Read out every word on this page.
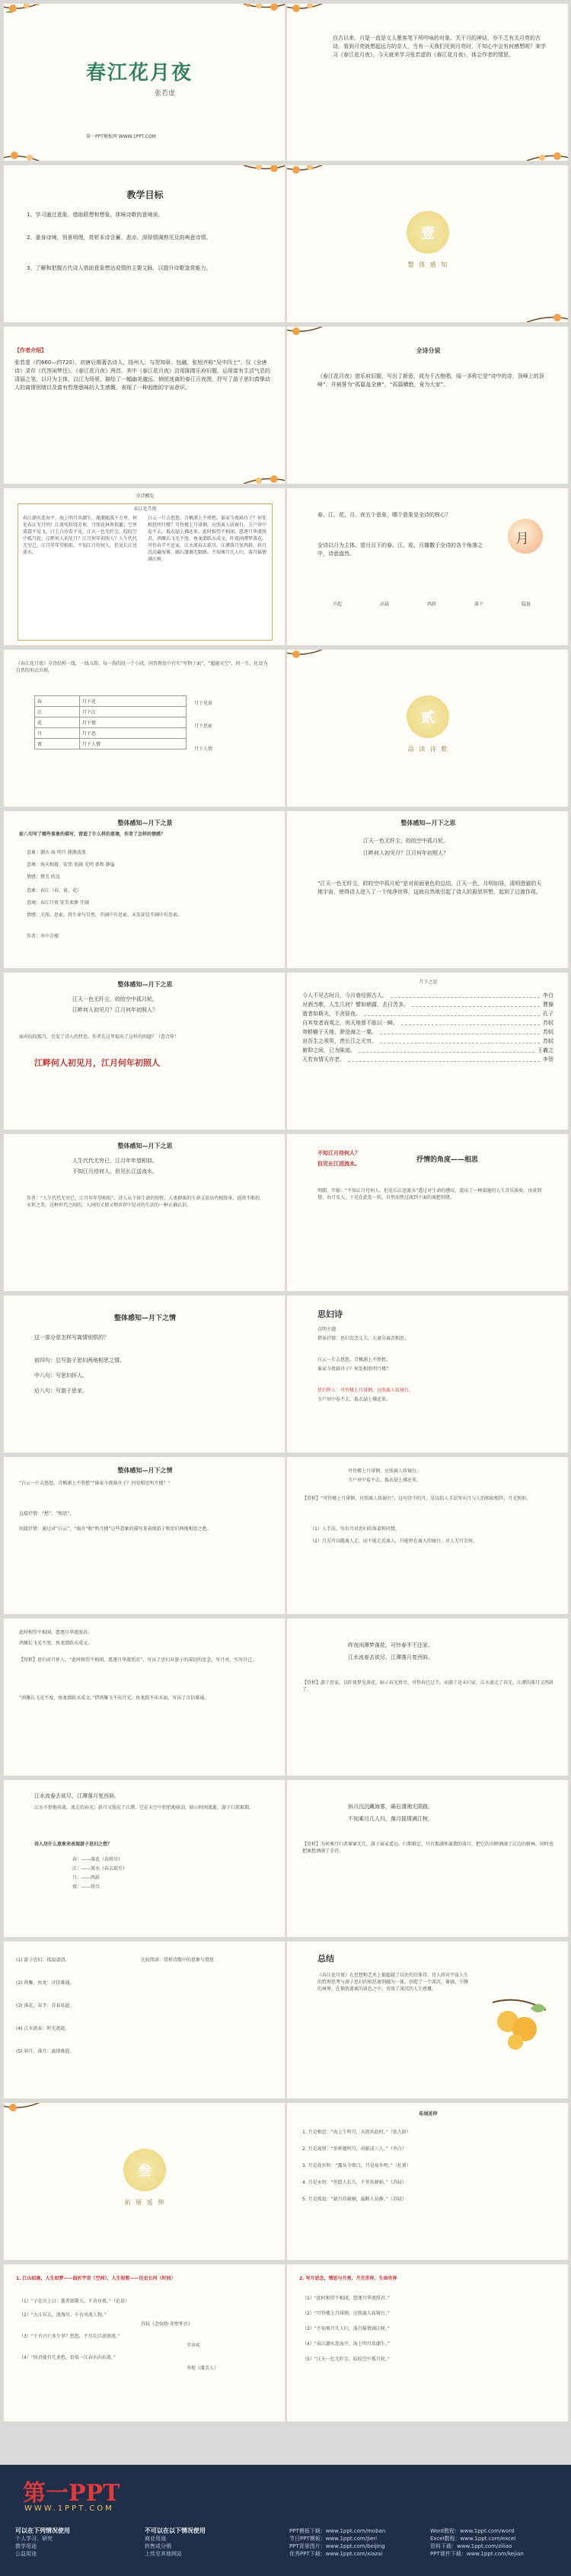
春江花月夜
张若虚
第一PPT模板网 WWW.1PPT.COM
自古以来，月是一直是文人墨客笔下所吟咏的对象。关于月的神话，亦不乏有关月亮的古诗。看到月亮就想起远方的亲人，当有一天我们见到月亮时，不知心中会有何感想呢？来学习《春江花月夜》，今天就来学习张若虚的《春江花月夜》，体会作者的情思。
教学目标
1、学习通过意象、借助联想和想象，体味诗歌的意境美。
2、重身诗境，领景明理，赏析本诗含蓄、悲凉、深厚情调熟见及的典意诗情。
3、了解和把握古代诗人借助意象想达说情的主要文脉，以提升诗歌鉴赏能力。
壹
整 体 感 知
【作者介绍】
张若虚（约660—约720），初唐后期著名诗人，扬州人，与贺知章、包融、张旭齐称“吴中四士”。仅《全唐诗》录存《代答闺梦还》、《春江花月夜》两首。其中《春江花月夜》沿用陈隋乐府旧题，运用富有生活气息的清丽之笔，以月为主体，以江为场景，描绘了一幅幽美邈远、惝恍迷离的春江月夜图，抒写了游子思妇真挚动人的离情别绪以及富有哲理意味的人生感慨，表现了一种迥绝的宇宙意识。
全诗分说
《春江花月夜》借乐府旧题，写出了新意，成为千古绝唱，闻一多称它是“诗中的诗，顶峰上的顶峰”，并被誉为“孤篇盖全唐”，“孤篇横绝，竟为大家”。
全诗概览
春江花月夜
春江潮水连海平，海上明月共潮生。滟滟随波千万里，何处春江无月明！江流宛转绕芳甸，月照花林皆似霰；空里流霜不觉飞，汀上白沙看不见。江天一色无纤尘，皎皎空中孤月轮。江畔何人初见月？江月何年初照人？人生代代无穷已，江月年年望相似。不知江月待何人，但见长江送流水。
白云一片去悠悠，青枫浦上不胜愁。谁家今夜扁舟子？何处相思明月楼？可怜楼上月徘徊，应照离人妆镜台。玉户帘中卷不去，捣衣砧上拂还来。此时相望不相闻，愿逐月华流照君。鸿雁长飞光不度，鱼龙潜跃水成文。昨夜闲潭梦落花，可怜春半不还家。江水流春去欲尽，江潭落月复西斜。斜月沉沉藏海雾，碣石潇湘无限路。不知乘月几人归，落月摇情满江树。
春、江、花、月、夜五个意象，哪个意象是全诗的核心？
全诗以月为主体。望月月下的春、江、花、月播撒于全诗的各个角落之中，诗意盎然。
月
升起	高悬	西斜	落下	隐退
《春江花月夜》全诗结构一线，一线五韵、每一韵的段一个小段。问答理发中有实“写物十面”，“超越天空”，问一生、化设为自然的形式出现。
春	月下花
江	月下江
花	月下情
月	月下思
夜	月下人情
月下见景
月下思索
月下人情
贰
品 读 诗 歌
整体感知—月下之景
前八句写了哪些景象的描写，营造了什么样的意境，作者了怎样的情感？
意象：潮水 海 明月 滟滟波浪
意境：海天相接、宏伟 宽阔 光明 柔和 静谧
情感：赞美 欣喜
意象：春江（春、夜、花）
意境：春江月夜 宏美柔静 开阔
情感：关照、思索，将生命与自然，开阔中有思索，未发却是开阔中有思索。
作者：李中青楼
整体感知—月下之思
江天一色无纤尘，皎皎空中孤月轮。
江畔何人初见月？江月何年初照人？
“江天一色无纤尘，皎皎空中孤月轮”是对前面景色的总结，江天一色，月明如昼，清明澄澈的天地宇宙，使得诗人进入了一个纯净世界，这就自然地引起了诗人的遐思冥想，起到了过渡作用。
整体感知—月下之思
江天一色无纤尘，皎皎空中孤月轮。
江畔何人初见月？江月何年初照人？
面对皎皎孤月，引发了诗人的哲思。作者在这里提出了这样的问题？（意合传）
江畔何人初见月，江月何年初照人
月下之思
今人不见古时月，今月曾经照古人。	李白
对酒当歌，人生几何？譬如朝露，去日苦多。	曹操
逝者如斯夫，不舍昼夜。	孔子
自其变者而观之，则天地曾不能以一瞬。	苏轼
寄蜉蝣于天地，渺沧海之一粟。	苏轼
哀吾生之须臾，羡长江之无穷。	苏轼
俯仰之间，已为陈迹。	王羲之
天若有情天亦老。	李贺
整体感知—月下之思
人生代代无穷已，江月年年望相似。
不知江月待何人，但见长江送流水。
作者：“人生代代无穷已，江月年年望相似”。诗人从个体生命的短暂，人类群体的生命又显出代相传承、延续不断的永恒之美，这种世代之间的、人间的又情又理共存中是对的生活的一种正确认识。
不知江月待何人？
但见长江送流水。	抒情的角度——相思
明朗、开豁：“不知江月待何人，但见长江送流水”透过对生命的感叹，道出了一种深邃的人生苦乐体验，由景到情，由月及人，于是在此处一转，自然而然过渡到下面的离愁别绪。
整体感知—月下之情
这一部分是怎样写离情别恨的？
前四句：总写游子思妇两地相思之情。
中八句：写思妇怀人。
后八句：写游子思家。
思妇诗
点明主题
借景抒情：思妇苦念丈夫，夫妻分离苦相思。
白云一片去悠悠，青枫浦上不胜愁。
谁家今夜扁舟子？何处相思明月楼？
思妇怀人：可怜楼上月徘徊，应照离人妆镜台。
玉户帘中卷不去，捣衣砧上拂还来。
整体感知—月下之情
“白云一片去悠悠，青枫浦上不胜愁”“谁家今夜扁舟子？何处相思明月楼？”
直接抒情：“愁”、“相思”。
间接抒情：通过对“白云”、“扁舟”和“明月楼”这些意象的描写来表现游子和思妇两地相思之愁。
可怜楼上月徘徊，应照离人妆镜台。
玉户帘中卷不去，捣衣砧上拂还来。
【赏析】“可怜楼上月徘徊，应照离人妆镜台”，这句诗中的月，是以拟人手法写出月与人的相依相伴，月光照射。
（1）人手法，写出月对思妇的体谅和同情。
（2）月光可以随离人走，而不能走近离人，只能停在离人的镜台，对人无可奈何。
此时相望不相闻，愿逐月华流照君。
鸿雁长飞光不度，鱼龙潜跃水成文。
【赏析】思妇对月怀人，“此时相望不相闻，愿逐月华流照君”，写出了思妇对游子的深切的思念。写月亮，实写自己。
“鸿雁长飞光不度，鱼龙潜跃水成文。”借鸿雁飞不出月光，鱼龙跃不出水面，写出了音信难通。
昨夜闲潭梦落花，可怜春半不还家。
江水流春去欲尽，江潭落月复西斜。
【赏析】游子思家。以昨夜梦见落花，暗示春光将尽，可怜春已过半，而游子还未归家，江水流走了春光，江潭的落月又西斜了。
江水流春去欲尽，江潭落月复西斜。
江水不停地奔流，流走的春光；斜月又照在了江潭，它在天空中悄悄地移动，暗示时间流逝，游子归来难期。
诗人用什么意象来表现游子思妇之愁？
春：——落花（春将尽）
江：——流水（春去欲尽）
月：——西斜
夜：——将尽
斜月沉沉藏海雾，碣石潇湘无限路。
不知乘月几人归，落月摇情满江树。
【赏析】为何乘月归者寥寥无几，游子离家遥远，归期难定。只有那满怀离情的落月，把它的余晖洒满了江边的树林，同时也把离愁洒满了全诗。
(1) 游子思妇：孤寂凄清。
(2) 鸿雁、鱼龙：音信难通。
(3) 落花、春半：青春易逝。
(4) 江水流春：时光流逝。
(5) 斜月、落月：离情难遣。
比较阅读：赏析诗歌中的意象与情思	总结
《春江花月夜》在思想和艺术上都超越了以往的宫体诗。诗人将对宇宙人生的哲理思考与游子思妇的相思离别融为一体，创造了一个深沉、寥廓、宁静的境界，在惝恍迷离的景色之中，寄寓了深沉的人生感慨。
叁
拓 展 延 伸
拓展延伸
1. 月是相思：“海上生明月，天涯共此时。”（张九龄）
2. 月是离别：“举杯邀明月，对影成三人。”（李白）
3. 月是故乡明：“露从今夜白，月是故乡明。”（杜甫）
4. 月是永恒：“但愿人长久，千里共婵娟。”（苏轼）
5. 月是孤寂：“缺月挂疏桐，漏断人初静。”（苏轼）
1. 江山如画，人生如梦——曲折宇宙（空间），人生短暂——历史长河（时间）
（1）“子在川上曰：逝者如斯夫，不舍昼夜。”（论语）
（2）“大江东去，浪淘尽，千古风流人物。”
苏轼《念奴娇·赤壁怀古》
（3）“千古兴亡多少事？悠悠，不尽长江滚滚流。”
辛弃疾
（4）“问君能有几多愁，恰似一江春水向东流。”
李煜《虞美人》
2. 写月思念，情思与月亮，月光世界，生命世界
（1）“此时相望不相闻，愿逐月华流照君。”
（2）“可怜楼上月徘徊，应照离人妆镜台。”
（3）“不知乘月几人归，落月摇情满江树。”
（4）“春江潮水连海平，海上明月共潮生。”
（5）“江天一色无纤尘，皎皎空中孤月轮。”
第一PPT
WWW.1PPT.COM
可以在下列情况使用
个人学习、研究
教学用途
公益用途
不可以在以下情况使用
商业用途
转售或分销
上传至其他网站
PPT模板下载：www.1ppt.com/moban
节日PPT模板：www.1ppt.com/jieri
PPT背景图片：www.1ppt.com/beijing
优秀PPT下载：www.1ppt.com/xiazai
Word教程：www.1ppt.com/word
Excel教程：www.1ppt.com/excel
资料下载：www.1ppt.com/ziliao
PPT课件下载：www.1ppt.com/kejian
